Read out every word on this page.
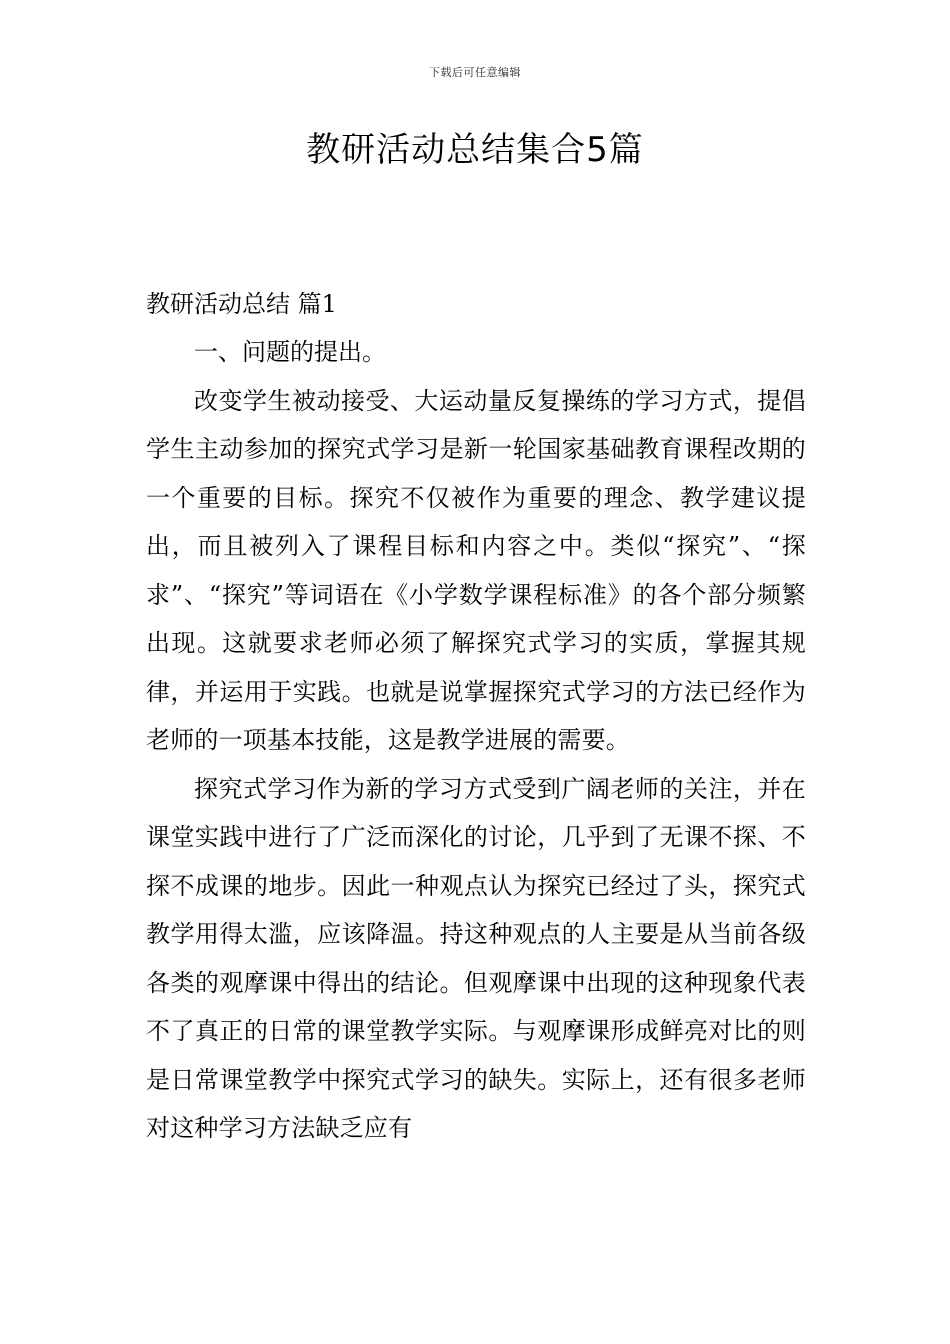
下载后可任意编辑
教研活动总结集合5篇

教研活动总结 篇1

一、问题的提出。

改变学生被动接受、大运动量反复操练的学习方式，提倡学生主动参加的探究式学习是新一轮国家基础教育课程改期的一个重要的目标。探究不仅被作为重要的理念、教学建议提出，而且被列入了课程目标和内容之中。类似“探究”、“探求”、“探究”等词语在《小学数学课程标准》的各个部分频繁出现。这就要求老师必须了解探究式学习的实质，掌握其规律，并运用于实践。也就是说掌握探究式学习的方法已经作为老师的一项基本技能，这是教学进展的需要。

探究式学习作为新的学习方式受到广阔老师的关注，并在课堂实践中进行了广泛而深化的讨论，几乎到了无课不探、不探不成课的地步。因此一种观点认为探究已经过了头，探究式教学用得太滥，应该降温。持这种观点的人主要是从当前各级各类的观摩课中得出的结论。但观摩课中出现的这种现象代表不了真正的日常的课堂教学实际。与观摩课形成鲜亮对比的则是日常课堂教学中探究式学习的缺失。实际上，还有很多老师对这种学习方法缺乏应有
